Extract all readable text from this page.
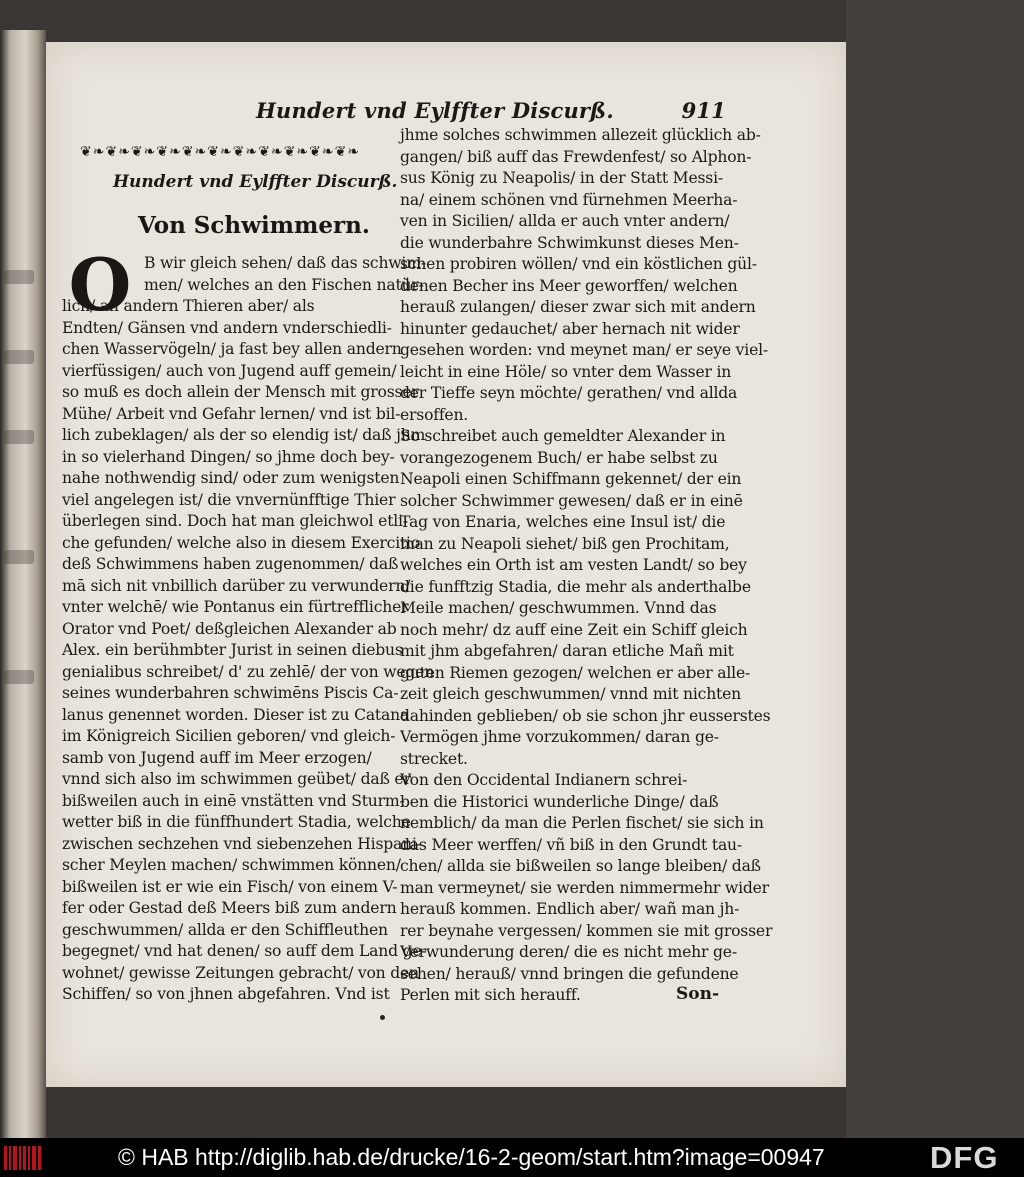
Hundert vnd Eylffter Discurß.	911
❦❧❦❧❦❧❦❧❦❧❦❧❦❧❦❧❦❧❦❧❦❧
Hundert vnd Eylffter Discurß.
Von Schwimmern.
O B wir gleich sehen/ daß das schwim-
men/ welches an den Fischen natür-
lich/ an andern Thieren aber/ als
Endten/ Gänsen vnd andern vnderschiedli-
chen Wasservögeln/ ja fast bey allen andern
vierfüssigen/ auch von Jugend auff gemein/
so muß es doch allein der Mensch mit grosser
Mühe/ Arbeit vnd Gefahr lernen/ vnd ist bil-
lich zubeklagen/ als der so elendig ist/ daß jhm
in so vielerhand Dingen/ so jhme doch bey-
nahe nothwendig sind/ oder zum wenigsten
viel angelegen ist/ die vnvernünfftige Thier
überlegen sind. Doch hat man gleichwol etli-
che gefunden/ welche also in diesem Exercitio
deß Schwimmens haben zugenommen/ daß
mā sich nit vnbillich darüber zu verwundern/
vnter welchē/ wie Pontanus ein fürtrefflicher
Orator vnd Poet/ deßgleichen Alexander ab
Alex. ein berühmbter Jurist in seinen diebus
genialibus schreibet/ d' zu zehlē/ der von wegen
seines wunderbahren schwimēns Piscis Ca-
lanus genennet worden. Dieser ist zu Catana
im Königreich Sicilien geboren/ vnd gleich-
samb von Jugend auff im Meer erzogen/
vnnd sich also im schwimmen geübet/ daß er
bißweilen auch in einē vnstätten vnd Sturm-
wetter biß in die fünffhundert Stadia, welche
zwischen sechzehen vnd siebenzehen Hispani-
scher Meylen machen/ schwimmen können/
bißweilen ist er wie ein Fisch/ von einem V-
fer oder Gestad deß Meers biß zum andern
geschwummen/ allda er den Schiffleuthen
begegnet/ vnd hat denen/ so auff dem Land ge-
wohnet/ gewisse Zeitungen gebracht/ von den
Schiffen/ so von jhnen abgefahren. Vnd ist
jhme solches schwimmen allezeit glücklich ab-
gangen/ biß auff das Frewdenfest/ so Alphon-
sus König zu Neapolis/ in der Statt Messi-
na/ einem schönen vnd fürnehmen Meerha-
ven in Sicilien/ allda er auch vnter andern/
die wunderbahre Schwimkunst dieses Men-
schen probiren wöllen/ vnd ein köstlichen gül-
denen Becher ins Meer geworffen/ welchen
herauß zulangen/ dieser zwar sich mit andern
hinunter gedauchet/ aber hernach nit wider
gesehen worden: vnd meynet man/ er seye viel-
leicht in eine Höle/ so vnter dem Wasser in
der Tieffe seyn möchte/ gerathen/ vnd allda
ersoffen.
So schreibet auch gemeldter Alexander in
vorangezogenem Buch/ er habe selbst zu
Neapoli einen Schiffmann gekennet/ der ein
solcher Schwimmer gewesen/ daß er in einē
Tag von Enaria, welches eine Insul ist/ die
man zu Neapoli siehet/ biß gen Prochitam,
welches ein Orth ist am vesten Landt/ so bey
die funfftzig Stadia, die mehr als anderthalbe
Meile machen/ geschwummen. Vnnd das
noch mehr/ dz auff eine Zeit ein Schiff gleich
mit jhm abgefahren/ daran etliche Mañ mit
guten Riemen gezogen/ welchen er aber alle-
zeit gleich geschwummen/ vnnd mit nichten
dahinden geblieben/ ob sie schon jhr eusserstes
Vermögen jhme vorzukommen/ daran ge-
strecket.
Von den Occidental Indianern schrei-
ben die Historici wunderliche Dinge/ daß
nemblich/ da man die Perlen fischet/ sie sich in
das Meer werffen/ vñ biß in den Grundt tau-
chen/ allda sie bißweilen so lange bleiben/ daß
man vermeynet/ sie werden nimmermehr wider
herauß kommen. Endlich aber/ wañ man jh-
rer beynahe vergessen/ kommen sie mit grosser
Verwunderung deren/ die es nicht mehr ge-
sehen/ herauß/ vnnd bringen die gefundene
Perlen mit sich herauff.	Son-
© HAB http://diglib.hab.de/drucke/16-2-geom/start.htm?image=00947	DFG
